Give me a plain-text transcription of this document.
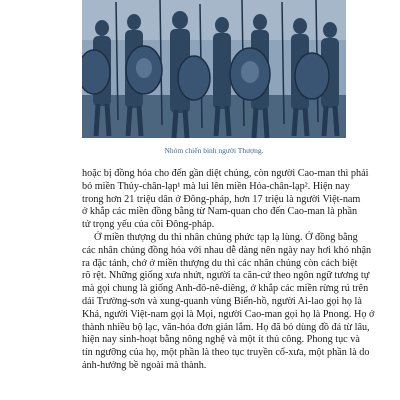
Nhóm chiến binh người Thượng.
hoặc bị đồng hóa cho đến gần diệt chủng, còn người Cao-man thì phải
bỏ miền Thủy-chân-lạp¹ mà lui lên miền Hỏa-chân-lạp². Hiện nay
trong hơn 21 triệu dân ở Đông-pháp, hơn 17 triệu là người Việt-nam
ở khắp các miền đồng bằng từ Nam-quan cho đến Cao-man là phần
tử trọng yếu của cõi Đông-pháp.
Ở miền thượng du thì nhân chủng phức tạp lạ lùng. Ở đồng bằng
các nhân chủng đồng hóa với nhau dễ dàng nên ngày nay hơi khó nhận
ra đặc tánh, chớ ở miền thượng du thì các nhân chủng còn cách biệt
rõ rệt. Những giống xưa nhứt, người ta căn-cứ theo ngôn ngữ tương tự
mà gọi chung là giống Anh-đô-nê-diêng, ở khắp các miền rừng rú trên
dải Trường-sơn và xung-quanh vùng Biển-hồ, người Ai-lao gọi họ là
Khả, người Việt-nam gọi là Mọi, người Cao-man gọi họ là Pnong. Họ ở
thành nhiều bộ lạc, văn-hóa đơn giản lắm. Họ đã bỏ dùng đồ đá từ lâu,
hiện nay sinh-hoạt bằng nông nghệ và một ít thủ công. Phong tục và
tín ngưỡng của họ, một phần là theo tục truyền cổ-xưa, một phần là do
ảnh-hưởng bề ngoài mà thành.
